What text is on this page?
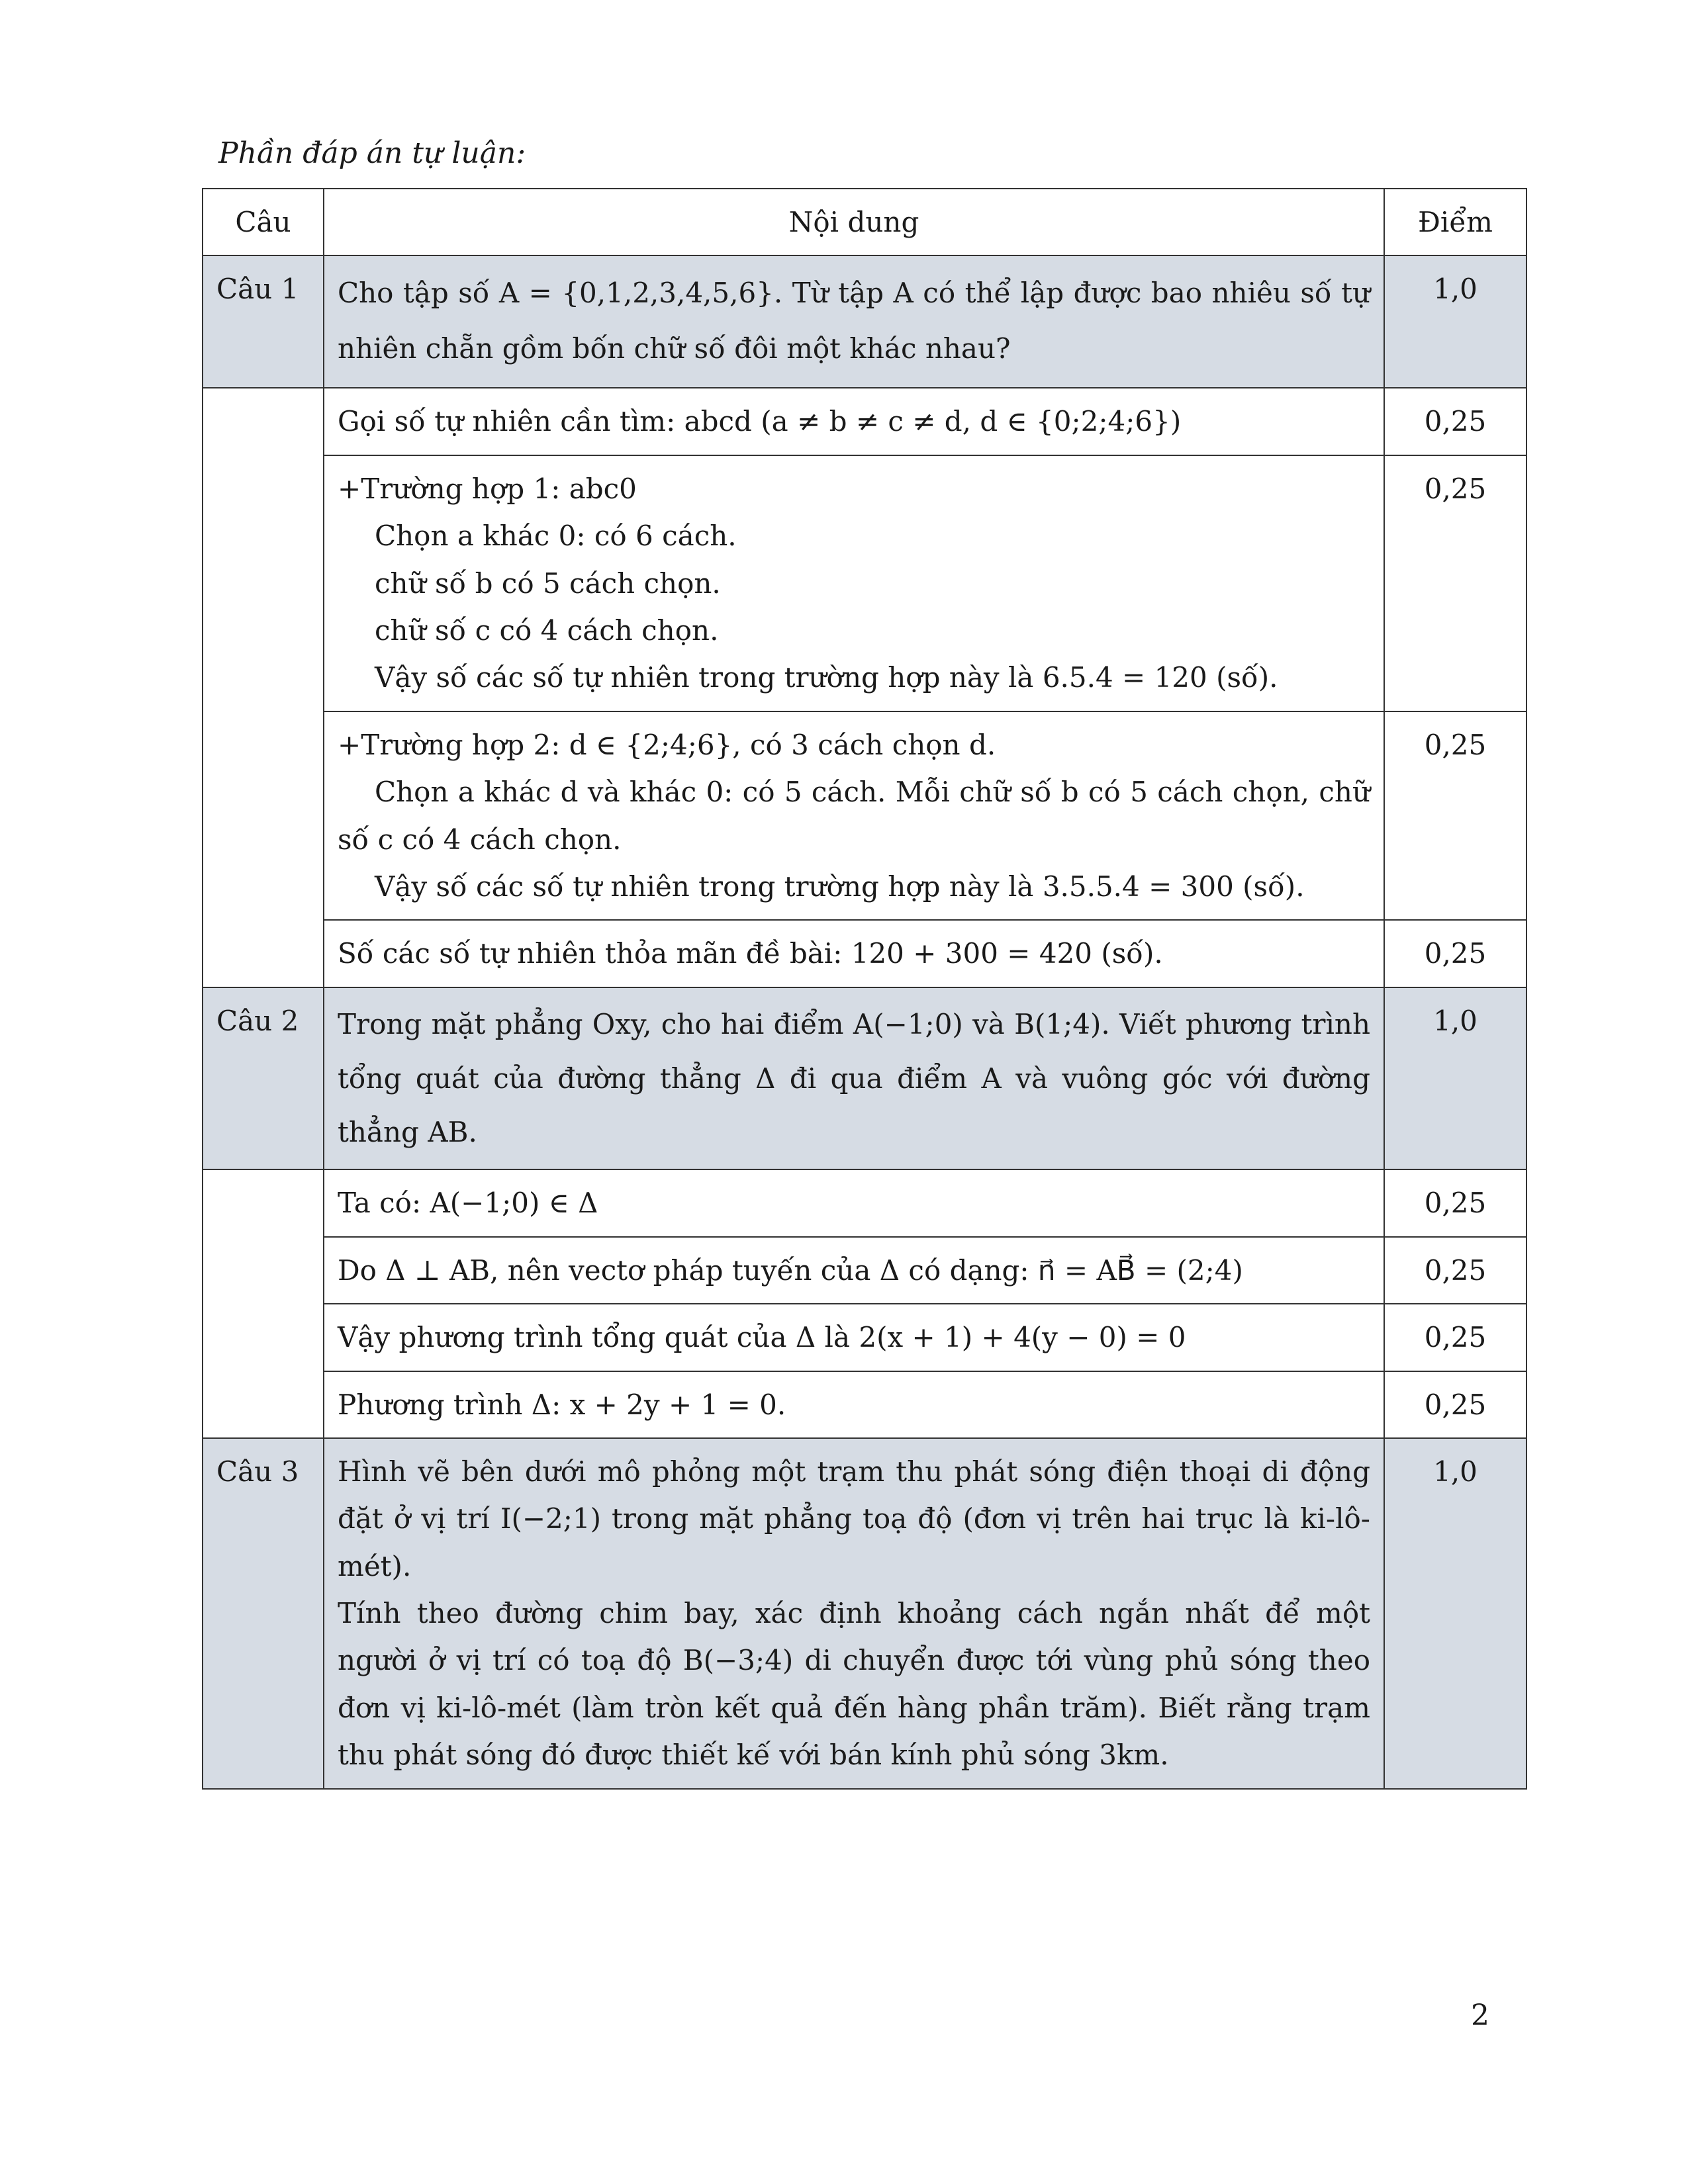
Phần đáp án tự luận:
Câu	Nội dung	Điểm
Câu 1	Cho tập số A = {0,1,2,3,4,5,6}. Từ tập A có thể lập được bao nhiêu số tự nhiên chẵn gồm bốn chữ số đôi một khác nhau?	1,0

	Gọi số tự nhiên cần tìm: abcd (a ≠ b ≠ c ≠ d, d ∈ {0;2;4;6})	0,25

	+Trường hợp 1: abc0
Chọn a khác 0: có 6 cách.
chữ số b có 5 cách chọn.
chữ số c có 4 cách chọn.
Vậy số các số tự nhiên trong trường hợp này là 6.5.4 = 120 (số).	0,25

	+Trường hợp 2: d ∈ {2;4;6}, có 3 cách chọn d.
Chọn a khác d và khác 0: có 5 cách. Mỗi chữ số b có 5 cách chọn, chữ số c có 4 cách chọn.
Vậy số các số tự nhiên trong trường hợp này là 3.5.5.4 = 300 (số).	0,25

	Số các số tự nhiên thỏa mãn đề bài: 120 + 300 = 420 (số).	0,25
Câu 2	Trong mặt phẳng Oxy, cho hai điểm A(−1;0) và B(1;4). Viết phương trình tổng quát của đường thẳng Δ đi qua điểm A và vuông góc với đường thẳng AB.	1,0

	Ta có: A(−1;0) ∈ Δ	0,25

	Do Δ ⊥ AB, nên vectơ pháp tuyến của Δ có dạng: n⃗ = AB⃗ = (2;4)	0,25

	Vậy phương trình tổng quát của Δ là 2(x + 1) + 4(y − 0) = 0	0,25

	Phương trình Δ: x + 2y + 1 = 0.	0,25
Câu 3	Hình vẽ bên dưới mô phỏng một trạm thu phát sóng điện thoại di động đặt ở vị trí I(−2;1) trong mặt phẳng toạ độ (đơn vị trên hai trục là ki-lô-mét).
Tính theo đường chim bay, xác định khoảng cách ngắn nhất để một người ở vị trí có toạ độ B(−3;4) di chuyển được tới vùng phủ sóng theo đơn vị ki-lô-mét (làm tròn kết quả đến hàng phần trăm). Biết rằng trạm thu phát sóng đó được thiết kế với bán kính phủ sóng 3km.	1,0
2
